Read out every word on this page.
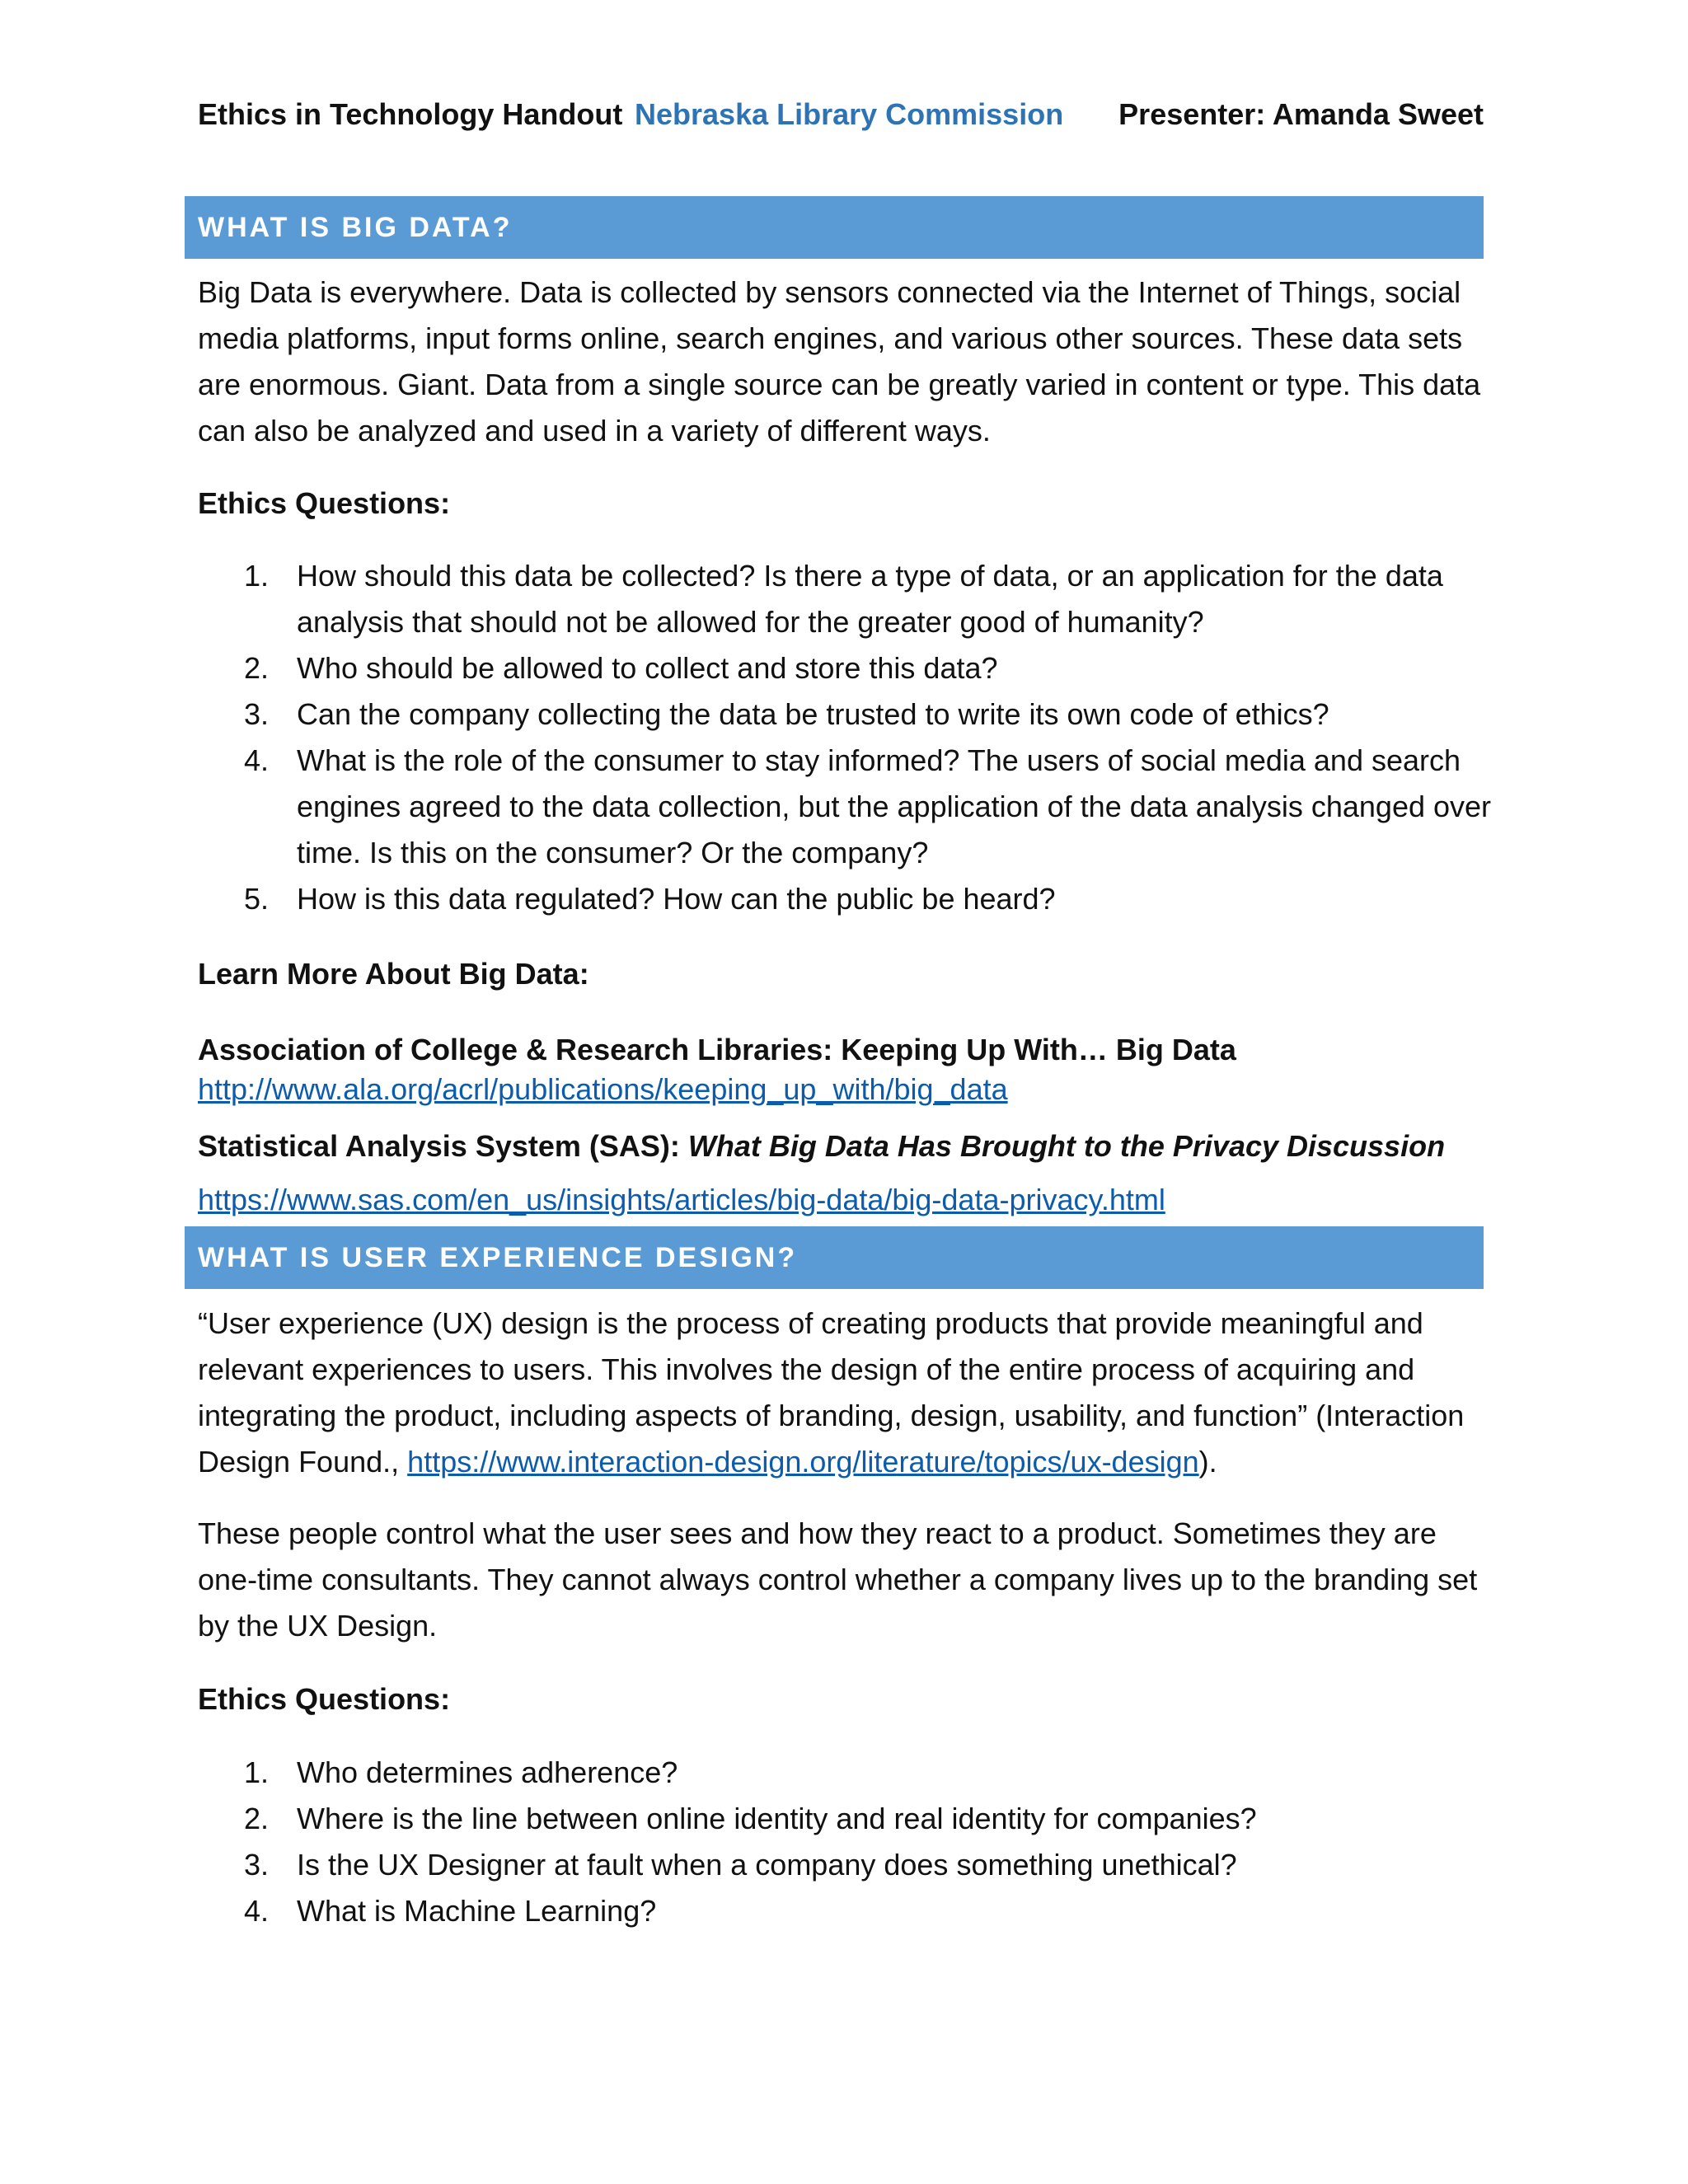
Ethics in Technology Handout Nebraska Library Commission Presenter: Amanda Sweet
WHAT IS BIG DATA?
Big Data is everywhere. Data is collected by sensors connected via the Internet of Things, social media platforms, input forms online, search engines, and various other sources. These data sets are enormous. Giant. Data from a single source can be greatly varied in content or type. This data can also be analyzed and used in a variety of different ways.
Ethics Questions:
1. How should this data be collected? Is there a type of data, or an application for the data analysis that should not be allowed for the greater good of humanity?
2. Who should be allowed to collect and store this data?
3. Can the company collecting the data be trusted to write its own code of ethics?
4. What is the role of the consumer to stay informed? The users of social media and search engines agreed to the data collection, but the application of the data analysis changed over time. Is this on the consumer? Or the company?
5. How is this data regulated? How can the public be heard?
Learn More About Big Data:
Association of College & Research Libraries: Keeping Up With… Big Data
http://www.ala.org/acrl/publications/keeping_up_with/big_data
Statistical Analysis System (SAS): What Big Data Has Brought to the Privacy Discussion
https://www.sas.com/en_us/insights/articles/big-data/big-data-privacy.html
WHAT IS USER EXPERIENCE DESIGN?
“User experience (UX) design is the process of creating products that provide meaningful and relevant experiences to users. This involves the design of the entire process of acquiring and integrating the product, including aspects of branding, design, usability, and function” (Interaction Design Found., https://www.interaction-design.org/literature/topics/ux-design).
These people control what the user sees and how they react to a product. Sometimes they are one-time consultants. They cannot always control whether a company lives up to the branding set by the UX Design.
Ethics Questions:
1. Who determines adherence?
2. Where is the line between online identity and real identity for companies?
3. Is the UX Designer at fault when a company does something unethical?
4. What is Machine Learning?
